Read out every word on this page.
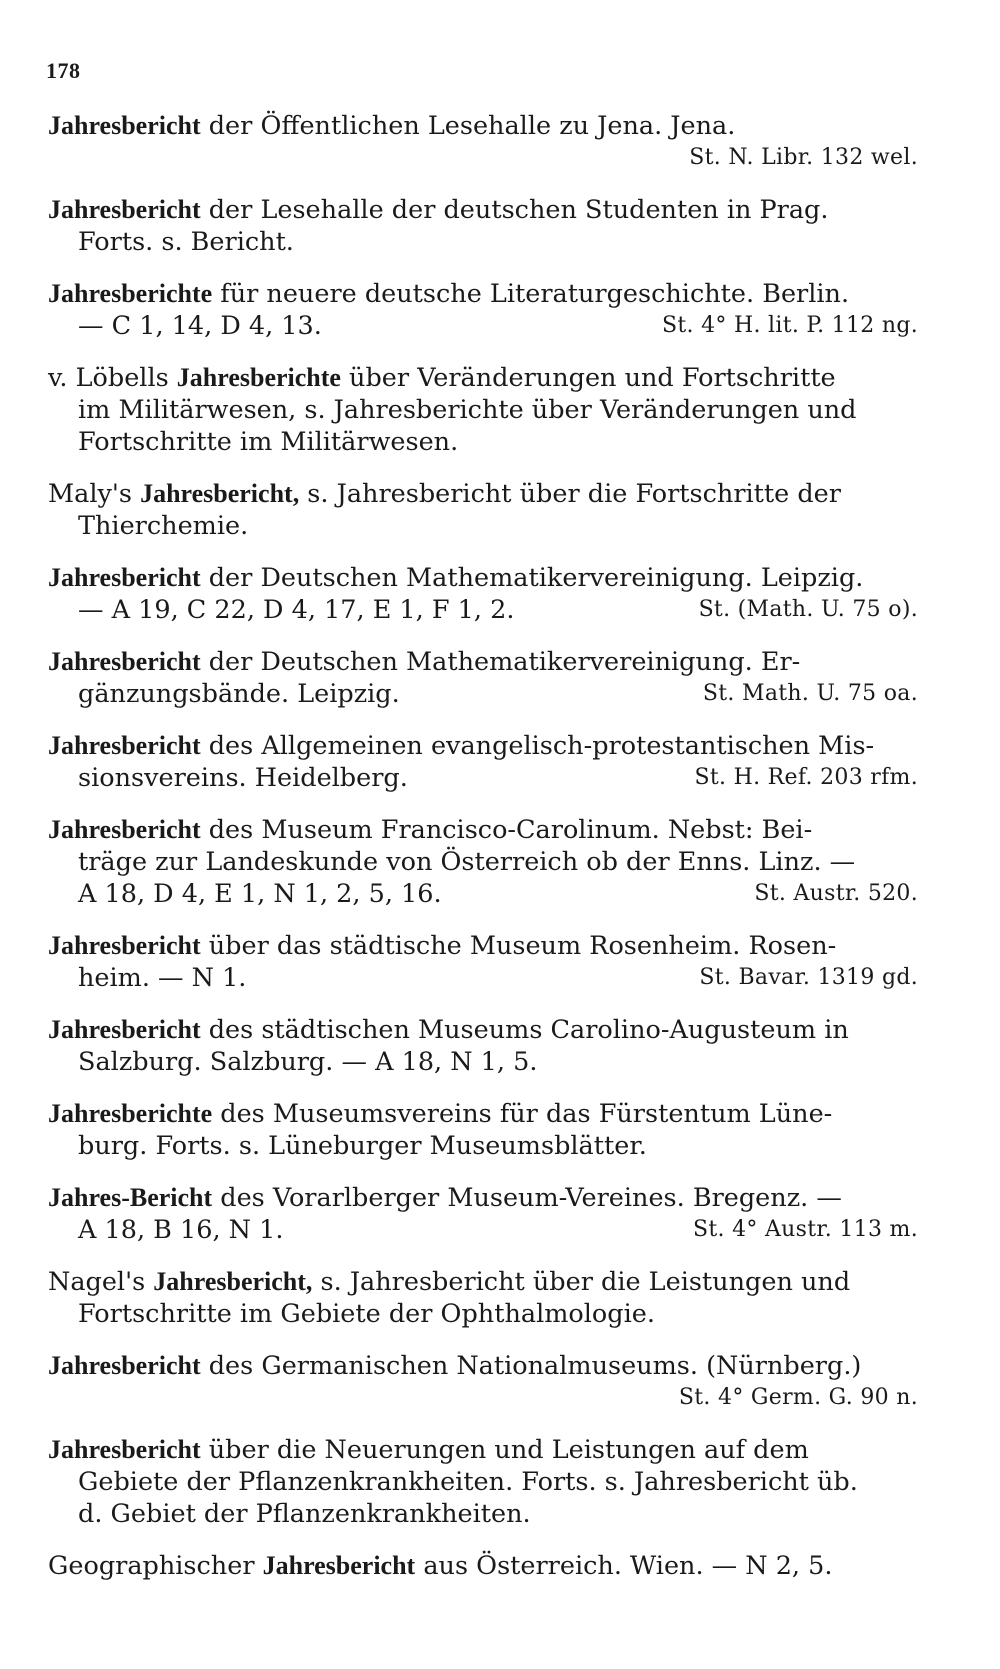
178
Jahresbericht der Öffentlichen Lesehalle zu Jena. Jena.

St. N. Libr. 132 wel.
Jahresbericht der Lesehalle der deutschen Studenten in Prag.
Forts. s. Bericht.
Jahresberichte für neuere deutsche Literaturgeschichte. Berlin.
— C 1, 14, D 4, 13.	St. 4° H. lit. P. 112 ng.
v. Löbells Jahresberichte über Veränderungen und Fortschritte
im Militärwesen, s. Jahresberichte über Veränderungen und
Fortschritte im Militärwesen.
Maly's Jahresbericht, s. Jahresbericht über die Fortschritte der
Thierchemie.
Jahresbericht der Deutschen Mathematikervereinigung. Leipzig.
— A 19, C 22, D 4, 17, E 1, F 1, 2.	St. (Math. U. 75 o).
Jahresbericht der Deutschen Mathematikervereinigung. Er-
gänzungsbände. Leipzig.	St. Math. U. 75 oa.
Jahresbericht des Allgemeinen evangelisch-protestantischen Mis-
sionsvereins. Heidelberg.	St. H. Ref. 203 rfm.
Jahresbericht des Museum Francisco-Carolinum. Nebst: Bei-
träge zur Landeskunde von Österreich ob der Enns. Linz. —
A 18, D 4, E 1, N 1, 2, 5, 16.	St. Austr. 520.
Jahresbericht über das städtische Museum Rosenheim. Rosen-
heim. — N 1.	St. Bavar. 1319 gd.
Jahresbericht des städtischen Museums Carolino-Augusteum in
Salzburg. Salzburg. — A 18, N 1, 5.
Jahresberichte des Museumsvereins für das Fürstentum Lüne-
burg. Forts. s. Lüneburger Museumsblätter.
Jahres-Bericht des Vorarlberger Museum-Vereines. Bregenz. —
A 18, B 16, N 1.	St. 4° Austr. 113 m.
Nagel's Jahresbericht, s. Jahresbericht über die Leistungen und
Fortschritte im Gebiete der Ophthalmologie.
Jahresbericht des Germanischen Nationalmuseums. (Nürnberg.)

St. 4° Germ. G. 90 n.
Jahresbericht über die Neuerungen und Leistungen auf dem
Gebiete der Pflanzenkrankheiten. Forts. s. Jahresbericht üb.
d. Gebiet der Pflanzenkrankheiten.
Geographischer Jahresbericht aus Österreich. Wien. — N 2, 5.
